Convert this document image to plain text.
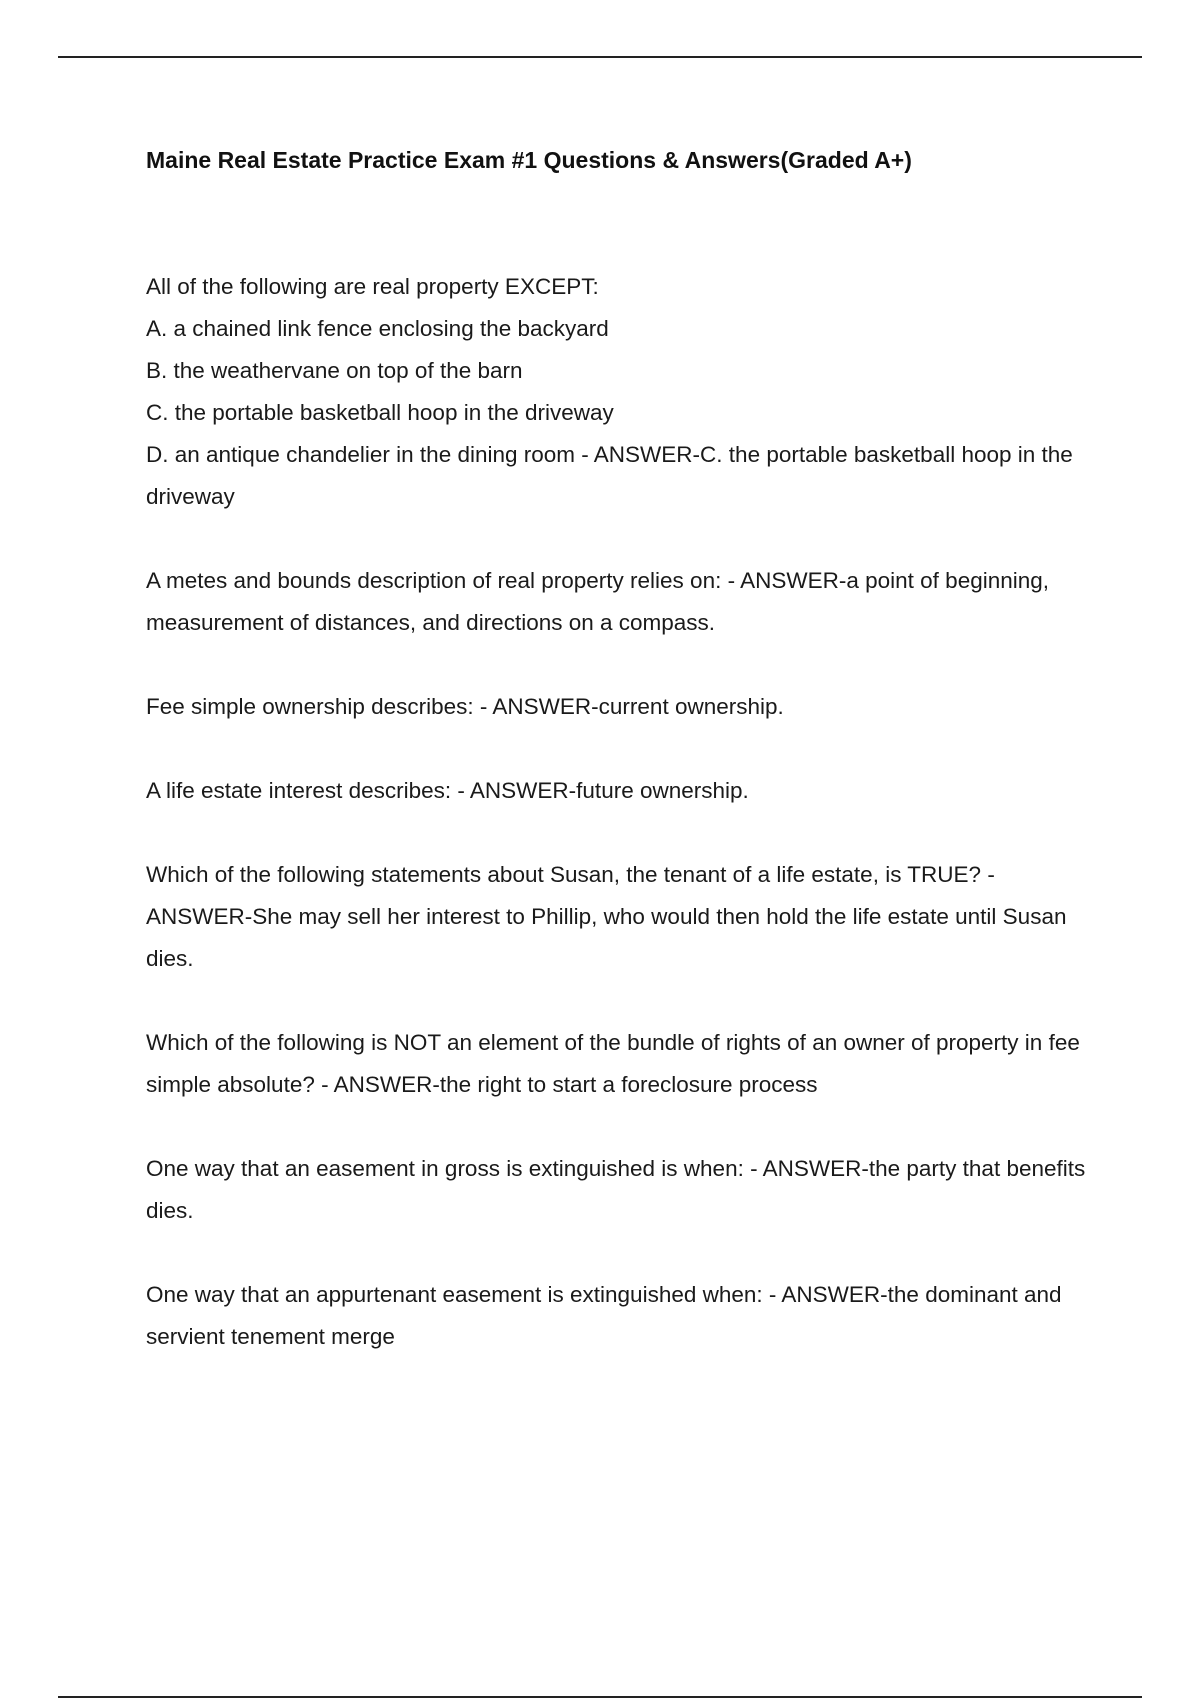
Maine Real Estate Practice Exam #1 Questions & Answers(Graded A+)

All of the following are real property EXCEPT:
A. a chained link fence enclosing the backyard
B. the weathervane on top of the barn
C. the portable basketball hoop in the driveway
D. an antique chandelier in the dining room - ANSWER-C. the portable basketball hoop in the driveway

A metes and bounds description of real property relies on: - ANSWER-a point of beginning, measurement of distances, and directions on a compass.

Fee simple ownership describes: - ANSWER-current ownership.

A life estate interest describes: - ANSWER-future ownership.

Which of the following statements about Susan, the tenant of a life estate, is TRUE? - ANSWER-She may sell her interest to Phillip, who would then hold the life estate until Susan dies.

Which of the following is NOT an element of the bundle of rights of an owner of property in fee simple absolute? - ANSWER-the right to start a foreclosure process

One way that an easement in gross is extinguished is when: - ANSWER-the party that benefits dies.

One way that an appurtenant easement is extinguished when: - ANSWER-the dominant and servient tenement merge
